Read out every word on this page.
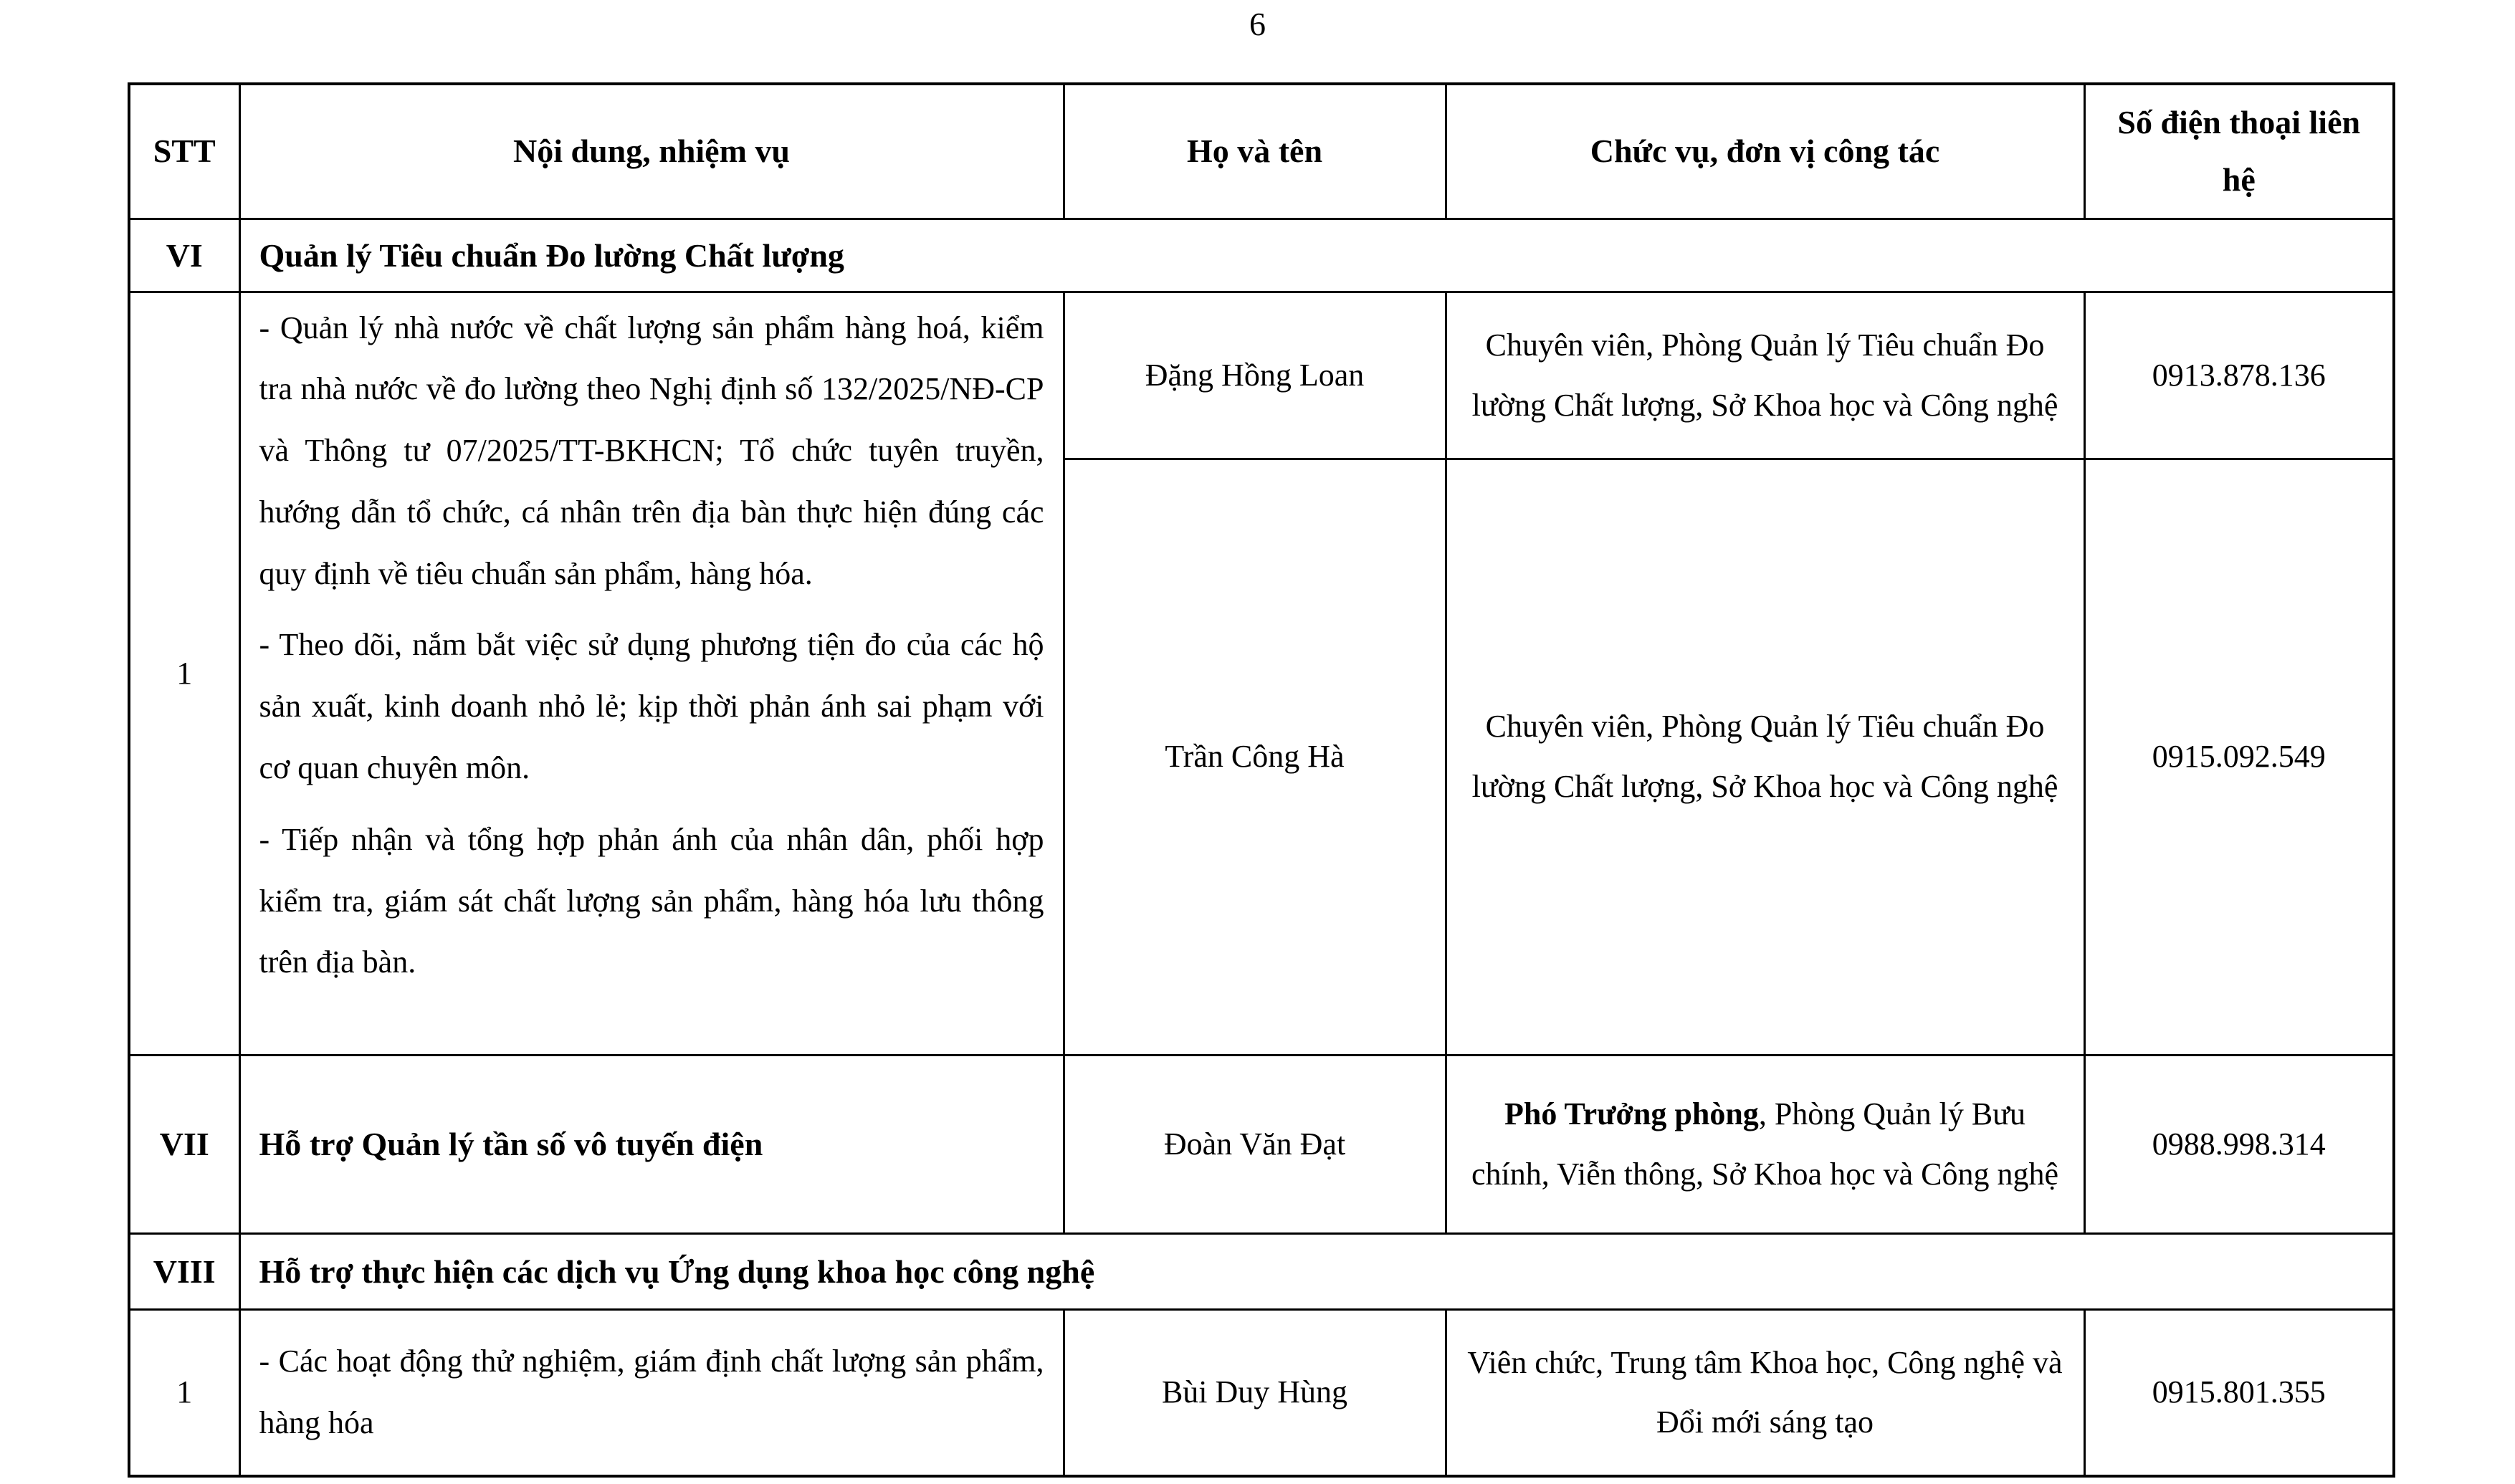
6
STT	Nội dung, nhiệm vụ	Họ và tên	Chức vụ, đơn vị công tác	Số điện thoại liên hệ
VI	Quản lý Tiêu chuẩn Đo lường Chất lượng			
1	- Quản lý nhà nước về chất lượng sản phẩm hàng hoá, kiểm tra nhà nước về đo lường theo Nghị định số 132/2025/NĐ-CP và Thông tư 07/2025/TT-BKHCN; Tổ chức tuyên truyền, hướng dẫn tổ chức, cá nhân trên địa bàn thực hiện đúng các quy định về tiêu chuẩn sản phẩm, hàng hóa.

- Theo dõi, nắm bắt việc sử dụng phương tiện đo của các hộ sản xuất, kinh doanh nhỏ lẻ; kịp thời phản ánh sai phạm với cơ quan chuyên môn.

- Tiếp nhận và tổng hợp phản ánh của nhân dân, phối hợp kiểm tra, giám sát chất lượng sản phẩm, hàng hóa lưu thông trên địa bàn.	Đặng Hồng Loan	Chuyên viên, Phòng Quản lý Tiêu chuẩn Đo lường Chất lượng, Sở Khoa học và Công nghệ	0913.878.136
		Trần Công Hà	Chuyên viên, Phòng Quản lý Tiêu chuẩn Đo lường Chất lượng, Sở Khoa học và Công nghệ	0915.092.549
VII	Hỗ trợ Quản lý tần số vô tuyến điện	Đoàn Văn Đạt	Phó Trưởng phòng, Phòng Quản lý Bưu chính, Viễn thông, Sở Khoa học và Công nghệ	0988.998.314
VIII	Hỗ trợ thực hiện các dịch vụ Ứng dụng khoa học công nghệ			
1	- Các hoạt động thử nghiệm, giám định chất lượng sản phẩm, hàng hóa	Bùi Duy Hùng	Viên chức, Trung tâm Khoa học, Công nghệ và Đổi mới sáng tạo	0915.801.355
